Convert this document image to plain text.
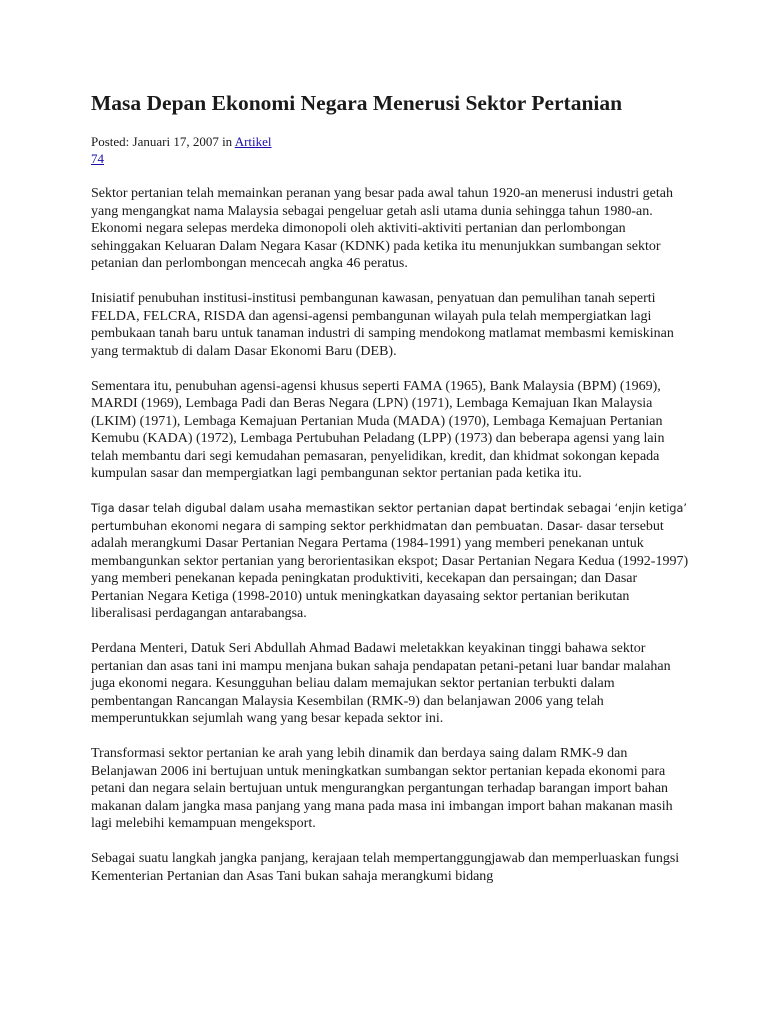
Masa Depan Ekonomi Negara Menerusi Sektor Pertanian
Posted: Januari 17, 2007 in Artikel
74

Sektor pertanian telah memainkan peranan yang besar pada awal tahun 1920-an menerusi industri getah yang mengangkat nama Malaysia sebagai pengeluar getah asli utama dunia sehingga tahun 1980-an. Ekonomi negara selepas merdeka dimonopoli oleh aktiviti-aktiviti pertanian dan perlombongan sehinggakan Keluaran Dalam Negara Kasar (KDNK) pada ketika itu menunjukkan sumbangan sektor petanian dan perlombongan mencecah angka 46 peratus.

Inisiatif penubuhan institusi-institusi pembangunan kawasan, penyatuan dan pemulihan tanah seperti FELDA, FELCRA, RISDA dan agensi-agensi pembangunan wilayah pula telah mempergiatkan lagi pembukaan tanah baru untuk tanaman industri di samping mendokong matlamat membasmi kemiskinan yang termaktub di dalam Dasar Ekonomi Baru (DEB).

Sementara itu, penubuhan agensi-agensi khusus seperti FAMA (1965), Bank Malaysia (BPM) (1969), MARDI (1969), Lembaga Padi dan Beras Negara (LPN) (1971), Lembaga Kemajuan Ikan Malaysia (LKIM) (1971), Lembaga Kemajuan Pertanian Muda (MADA) (1970), Lembaga Kemajuan Pertanian Kemubu (KADA) (1972), Lembaga Pertubuhan Peladang (LPP) (1973) dan beberapa agensi yang lain telah membantu dari segi kemudahan pemasaran, penyelidikan, kredit, dan khidmat sokongan kepada kumpulan sasar dan mempergiatkan lagi pembangunan sektor pertanian pada ketika itu.

Tiga dasar telah digubal dalam usaha memastikan sektor pertanian dapat bertindak sebagai ‘enjin ketiga’ pertumbuhan ekonomi negara di samping sektor perkhidmatan dan pembuatan. Dasar- dasar tersebut adalah merangkumi Dasar Pertanian Negara Pertama (1984-1991) yang memberi penekanan untuk membangunkan sektor pertanian yang berorientasikan ekspot; Dasar Pertanian Negara Kedua (1992-1997) yang memberi penekanan kepada peningkatan produktiviti, kecekapan dan persaingan; dan Dasar Pertanian Negara Ketiga (1998-2010) untuk meningkatkan dayasaing sektor pertanian berikutan liberalisasi perdagangan antarabangsa.

Perdana Menteri, Datuk Seri Abdullah Ahmad Badawi meletakkan keyakinan tinggi bahawa sektor pertanian dan asas tani ini mampu menjana bukan sahaja pendapatan petani-petani luar bandar malahan juga ekonomi negara. Kesungguhan beliau dalam memajukan sektor pertanian terbukti dalam pembentangan Rancangan Malaysia Kesembilan (RMK-9) dan belanjawan 2006 yang telah memperuntukkan sejumlah wang yang besar kepada sektor ini.

Transformasi sektor pertanian ke arah yang lebih dinamik dan berdaya saing dalam RMK-9 dan Belanjawan 2006 ini bertujuan untuk meningkatkan sumbangan sektor pertanian kepada ekonomi para petani dan negara selain bertujuan untuk mengurangkan pergantungan terhadap barangan import bahan makanan dalam jangka masa panjang yang mana pada masa ini imbangan import bahan makanan masih lagi melebihi kemampuan mengeksport.

Sebagai suatu langkah jangka panjang, kerajaan telah mempertanggungjawab dan memperluaskan fungsi Kementerian Pertanian dan Asas Tani bukan sahaja merangkumi bidang
